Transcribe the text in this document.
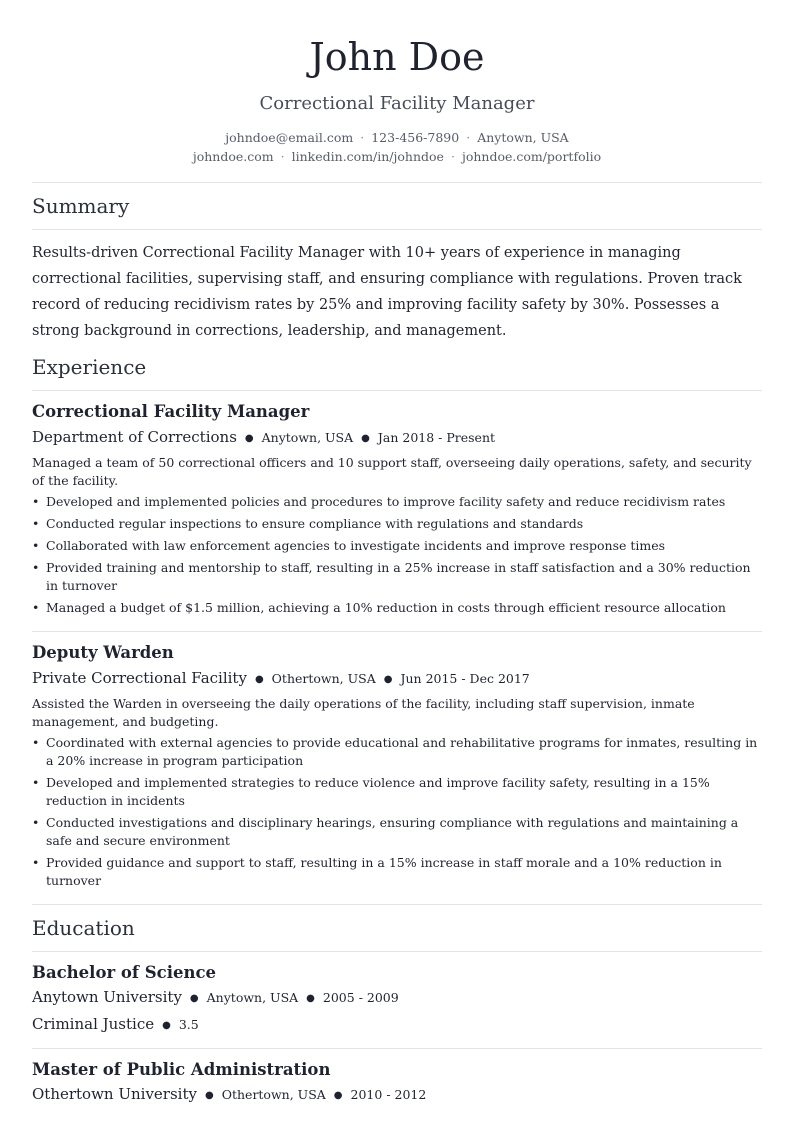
John Doe
Correctional Facility Manager
johndoe@email.com · 123-456-7890 · Anytown, USA
johndoe.com · linkedin.com/in/johndoe · johndoe.com/portfolio
Summary

Results-driven Correctional Facility Manager with 10+ years of experience in managing correctional facilities, supervising staff, and ensuring compliance with regulations. Proven track record of reducing recidivism rates by 25% and improving facility safety by 30%. Possesses a strong background in corrections, leadership, and management.

Experience
Correctional Facility Manager
Department of Corrections ● Anytown, USA ● Jan 2018 - Present
Managed a team of 50 correctional officers and 10 support staff, overseeing daily operations, safety, and security of the facility.
• Developed and implemented policies and procedures to improve facility safety and reduce recidivism rates
• Conducted regular inspections to ensure compliance with regulations and standards
• Collaborated with law enforcement agencies to investigate incidents and improve response times
• Provided training and mentorship to staff, resulting in a 25% increase in staff satisfaction and a 30% reduction in turnover
• Managed a budget of $1.5 million, achieving a 10% reduction in costs through efficient resource allocation
Deputy Warden
Private Correctional Facility ● Othertown, USA ● Jun 2015 - Dec 2017
Assisted the Warden in overseeing the daily operations of the facility, including staff supervision, inmate management, and budgeting.
• Coordinated with external agencies to provide educational and rehabilitative programs for inmates, resulting in a 20% increase in program participation
• Developed and implemented strategies to reduce violence and improve facility safety, resulting in a 15% reduction in incidents
• Conducted investigations and disciplinary hearings, ensuring compliance with regulations and maintaining a safe and secure environment
• Provided guidance and support to staff, resulting in a 15% increase in staff morale and a 10% reduction in turnover
Education
Bachelor of Science
Anytown University ● Anytown, USA ● 2005 - 2009
Criminal Justice ● 3.5
Master of Public Administration
Othertown University ● Othertown, USA ● 2010 - 2012
